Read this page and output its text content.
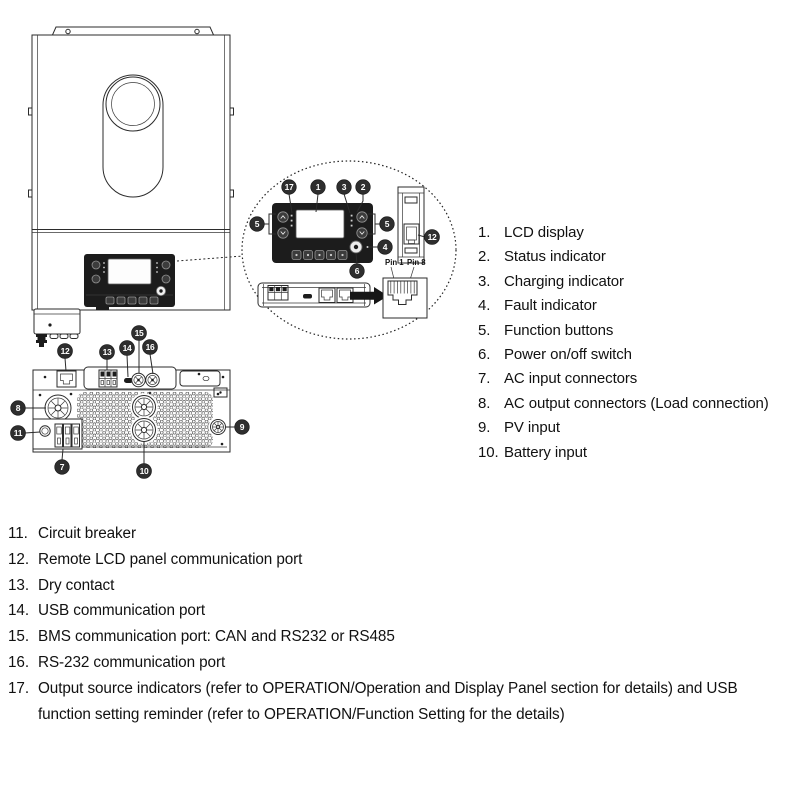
17	1	3 2
5	5
4
6
12
Pin 1 Pin 8
12	13 14
15
16
8
11
9
7	10
1. LCD display
2. Status indicator
3. Charging indicator
4. Fault indicator
5. Function buttons
6. Power on/off switch
7. AC input connectors
8. AC output connectors (Load connection)
9. PV input
10. Battery input
11. Circuit breaker
12. Remote LCD panel communication port
13. Dry contact
14. USB communication port
15. BMS communication port: CAN and RS232 or RS485
16. RS-232 communication port
17. Output source indicators (refer to OPERATION/Operation and Display Panel section for details) and USB function setting reminder (refer to OPERATION/Function Setting for the details)
